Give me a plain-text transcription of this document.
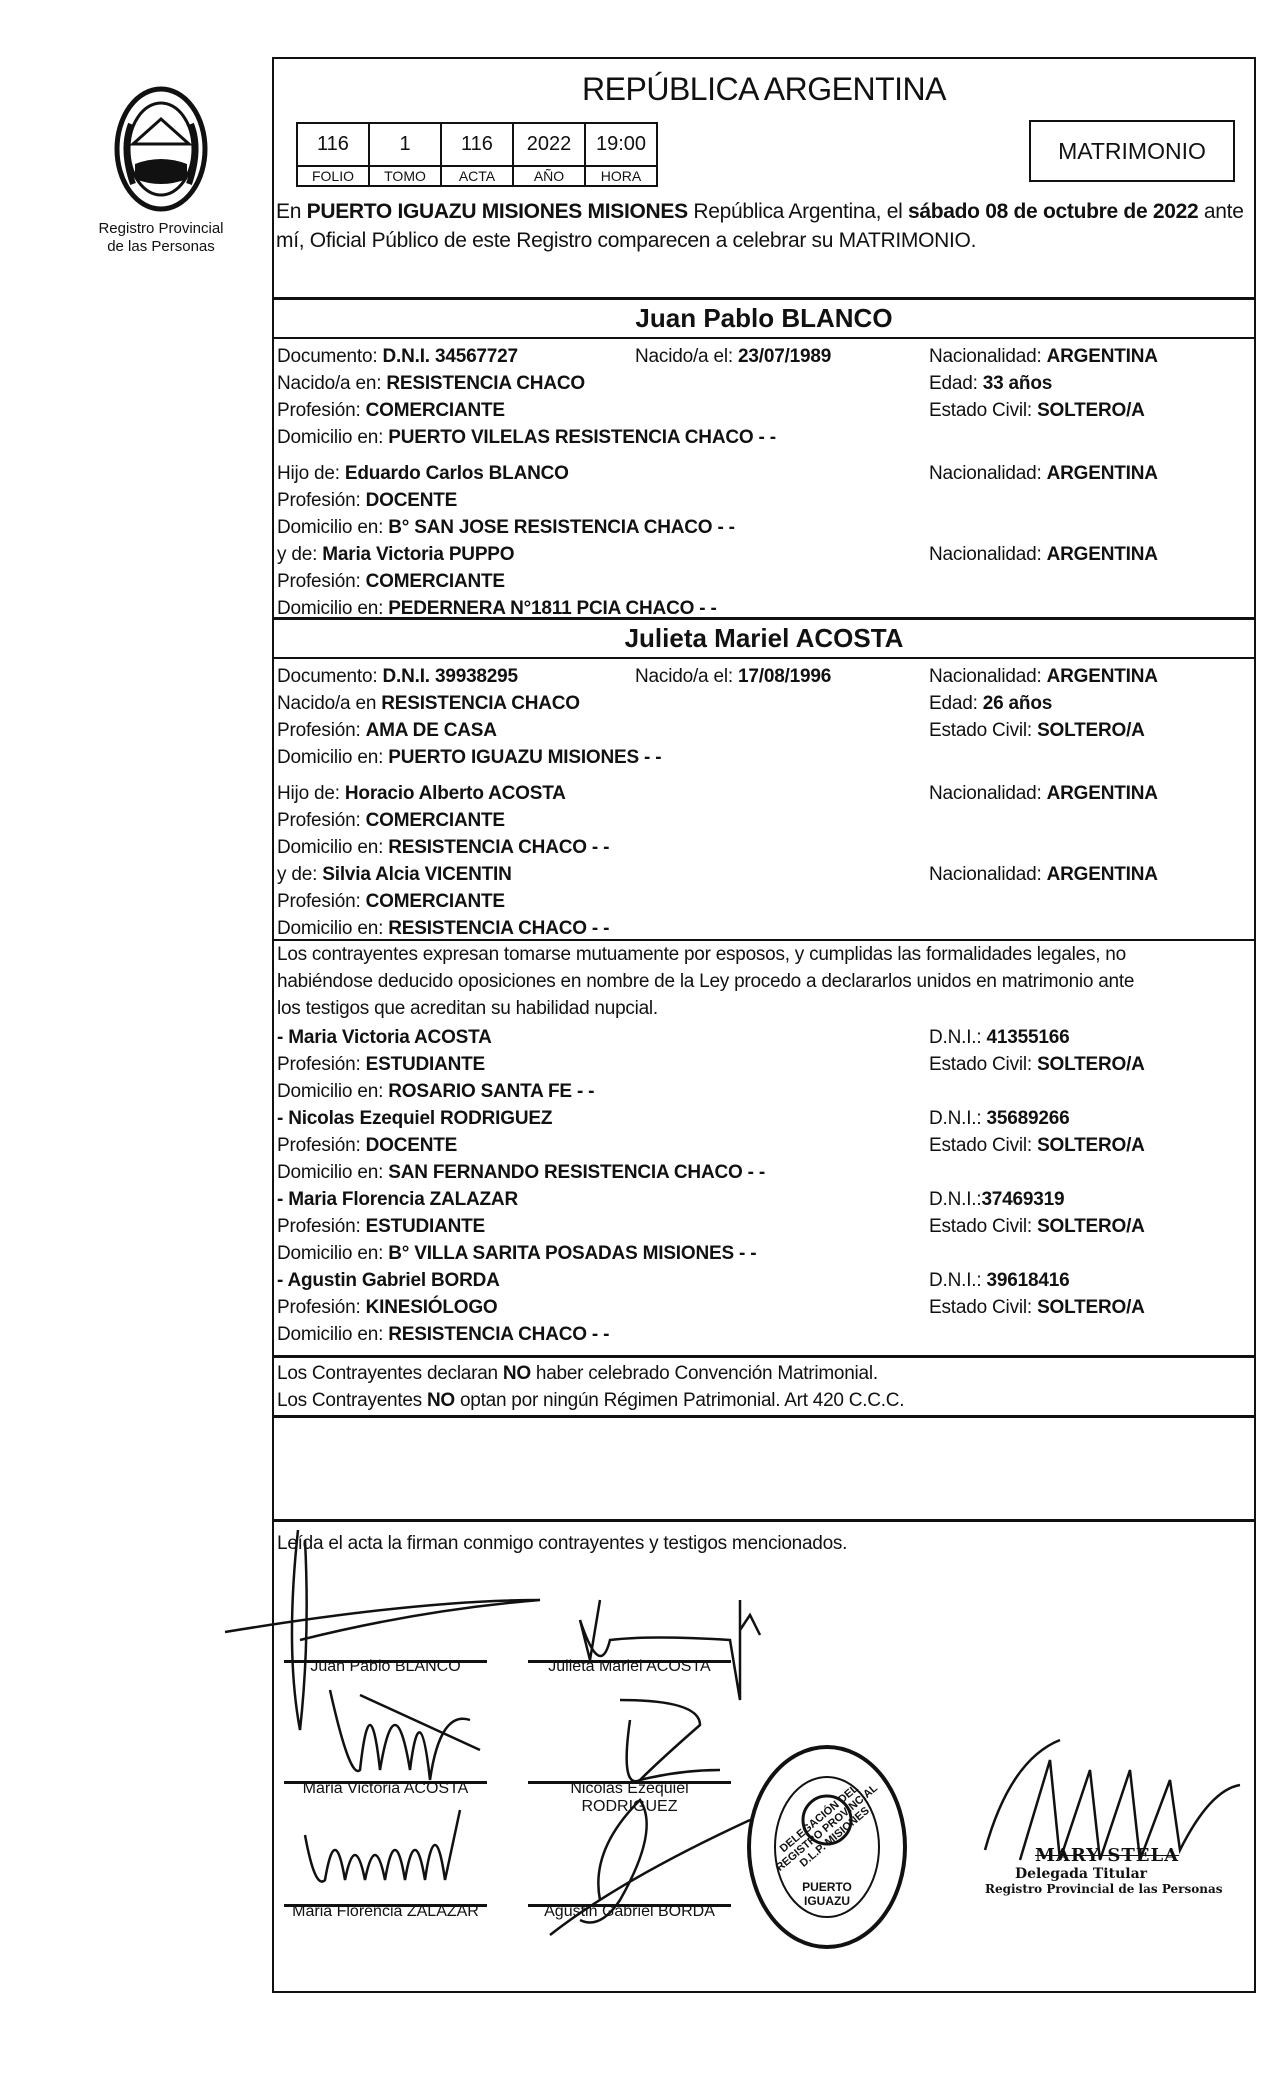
Registro Provincial
de las Personas
REPÚBLICA ARGENTINA
116	1	116	2022	19:00
FOLIO	TOMO	ACTA	AÑO	HORA
MATRIMONIO
En PUERTO IGUAZU MISIONES MISIONES República Argentina, el sábado 08 de octubre de 2022 ante mí, Oficial Público de este Registro comparecen a celebrar su MATRIMONIO.
Juan Pablo BLANCO
Documento: D.N.I. 34567727	Nacido/a el: 23/07/1989	Nacionalidad: ARGENTINA
Nacido/a en: RESISTENCIA CHACO	Edad: 33 años
Profesión: COMERCIANTE	Estado Civil: SOLTERO/A
Domicilio en: PUERTO VILELAS RESISTENCIA CHACO - -
Hijo de: Eduardo Carlos BLANCO	Nacionalidad: ARGENTINA
Profesión: DOCENTE
Domicilio en: B° SAN JOSE RESISTENCIA CHACO - -
y de: Maria Victoria PUPPO	Nacionalidad: ARGENTINA
Profesión: COMERCIANTE
Domicilio en: PEDERNERA N°1811 PCIA CHACO - -
Julieta Mariel ACOSTA
Documento: D.N.I. 39938295	Nacido/a el: 17/08/1996	Nacionalidad: ARGENTINA
Nacido/a en RESISTENCIA CHACO	Edad: 26 años
Profesión: AMA DE CASA	Estado Civil: SOLTERO/A
Domicilio en: PUERTO IGUAZU MISIONES - -
Hijo de: Horacio Alberto ACOSTA	Nacionalidad: ARGENTINA
Profesión: COMERCIANTE
Domicilio en: RESISTENCIA CHACO - -
y de: Silvia Alcia VICENTIN	Nacionalidad: ARGENTINA
Profesión: COMERCIANTE
Domicilio en: RESISTENCIA CHACO - -
Los contrayentes expresan tomarse mutuamente por esposos, y cumplidas las formalidades legales, no
habiéndose deducido oposiciones en nombre de la Ley procedo a declararlos unidos en matrimonio ante
los testigos que acreditan su habilidad nupcial.
- Maria Victoria ACOSTA	D.N.I.: 41355166
Profesión: ESTUDIANTE	Estado Civil: SOLTERO/A
Domicilio en: ROSARIO SANTA FE - -
- Nicolas Ezequiel RODRIGUEZ	D.N.I.: 35689266
Profesión: DOCENTE	Estado Civil: SOLTERO/A
Domicilio en: SAN FERNANDO RESISTENCIA CHACO - -
- Maria Florencia ZALAZAR	D.N.I.:37469319
Profesión: ESTUDIANTE	Estado Civil: SOLTERO/A
Domicilio en: B° VILLA SARITA POSADAS MISIONES - -
- Agustin Gabriel BORDA	D.N.I.: 39618416
Profesión: KINESIÓLOGO	Estado Civil: SOLTERO/A
Domicilio en: RESISTENCIA CHACO - -
Los Contrayentes declaran NO haber celebrado Convención Matrimonial.
Los Contrayentes NO optan por ningún Régimen Patrimonial. Art 420 C.C.C.
Leída el acta la firman conmigo contrayentes y testigos mencionados.
Juan Pablo BLANCO	Julieta Mariel ACOSTA
Maria Victoria ACOSTA	Nicolas Ezequiel RODRIGUEZ
Maria Florencia ZALAZAR	Agustin Gabriel BORDA
DELEGACIÓN DEL REGISTRO PROVINCIAL D.L.P. MISIONES
PUERTO IGUAZU
MARY STELA
Delegada Titular
Registro Provincial de las Personas
